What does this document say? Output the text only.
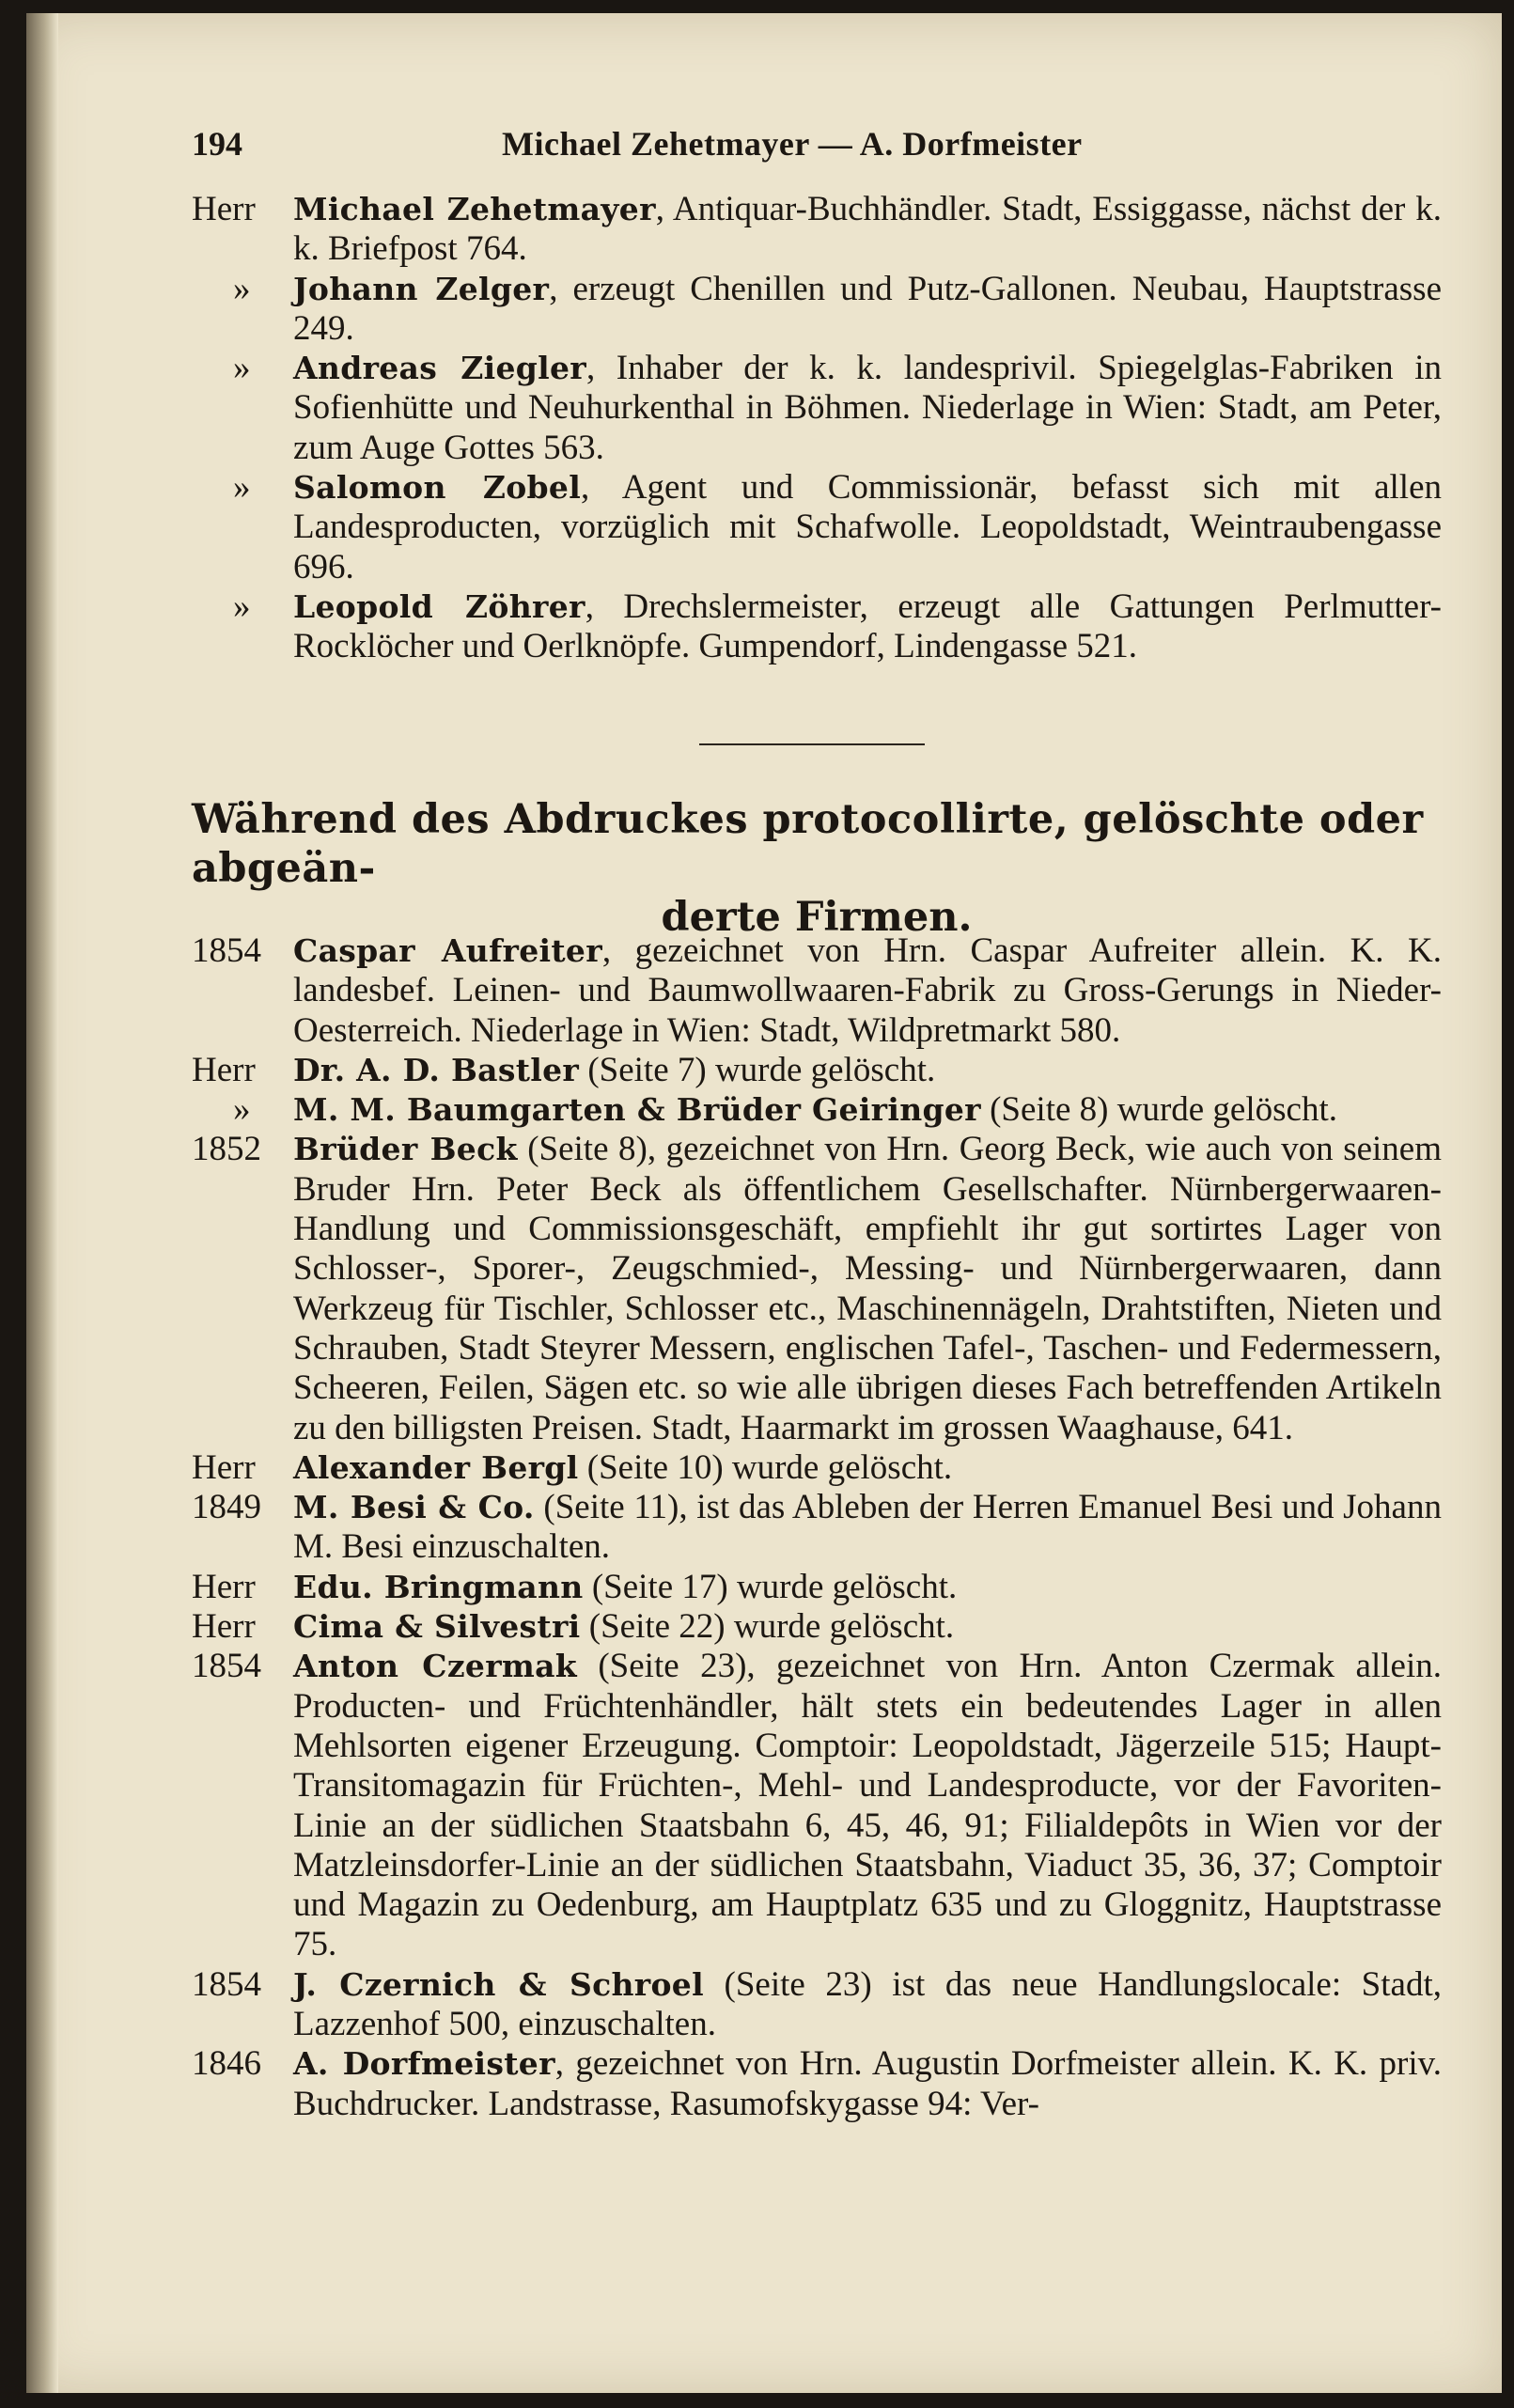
194	Michael Zehetmayer — A. Dorfmeister
Herr Michael Zehetmayer, Antiquar-Buchhändler. Stadt, Essiggasse, nächst der k. k. Briefpost 764.
» Johann Zelger, erzeugt Chenillen und Putz-Gallonen. Neubau, Hauptstrasse 249.
» Andreas Ziegler, Inhaber der k. k. landesprivil. Spiegelglas-Fabriken in Sofienhütte und Neuhurkenthal in Böhmen. Niederlage in Wien: Stadt, am Peter, zum Auge Gottes 563.
» Salomon Zobel, Agent und Commissionär, befasst sich mit allen Landesproducten, vorzüglich mit Schafwolle. Leopoldstadt, Weintraubengasse 696.
» Leopold Zöhrer, Drechslermeister, erzeugt alle Gattungen Perlmutter-Rocklöcher und Oerlknöpfe. Gumpendorf, Lindengasse 521.
Während des Abdruckes protocollirte, gelöschte oder abgeän-
derte Firmen.
1854 Caspar Aufreiter, gezeichnet von Hrn. Caspar Aufreiter allein. K. K. landesbef. Leinen- und Baumwollwaaren-Fabrik zu Gross-Gerungs in Nieder-Oesterreich. Niederlage in Wien: Stadt, Wildpretmarkt 580.
Herr Dr. A. D. Bastler (Seite 7) wurde gelöscht.
» M. M. Baumgarten & Brüder Geiringer (Seite 8) wurde gelöscht.
1852 Brüder Beck (Seite 8), gezeichnet von Hrn. Georg Beck, wie auch von seinem Bruder Hrn. Peter Beck als öffentlichem Gesellschafter. Nürnbergerwaaren-Handlung und Commissionsgeschäft, empfiehlt ihr gut sortirtes Lager von Schlosser-, Sporer-, Zeugschmied-, Messing- und Nürnbergerwaaren, dann Werkzeug für Tischler, Schlosser etc., Maschinennägeln, Drahtstiften, Nieten und Schrauben, Stadt Steyrer Messern, englischen Tafel-, Taschen- und Federmessern, Scheeren, Feilen, Sägen etc. so wie alle übrigen dieses Fach betreffenden Artikeln zu den billigsten Preisen. Stadt, Haarmarkt im grossen Waaghause, 641.
Herr Alexander Bergl (Seite 10) wurde gelöscht.
1849 M. Besi & Co. (Seite 11), ist das Ableben der Herren Emanuel Besi und Johann M. Besi einzuschalten.
Herr Edu. Bringmann (Seite 17) wurde gelöscht.
Herr Cima & Silvestri (Seite 22) wurde gelöscht.
1854 Anton Czermak (Seite 23), gezeichnet von Hrn. Anton Czermak allein. Producten- und Früchtenhändler, hält stets ein bedeutendes Lager in allen Mehlsorten eigener Erzeugung. Comptoir: Leopoldstadt, Jägerzeile 515; Haupt-Transitomagazin für Früchten-, Mehl- und Landesproducte, vor der Favoriten-Linie an der südlichen Staatsbahn 6, 45, 46, 91; Filialdepôts in Wien vor der Matzleinsdorfer-Linie an der südlichen Staatsbahn, Viaduct 35, 36, 37; Comptoir und Magazin zu Oedenburg, am Hauptplatz 635 und zu Gloggnitz, Hauptstrasse 75.
1854 J. Czernich & Schroel (Seite 23) ist das neue Handlungslocale: Stadt, Lazzenhof 500, einzuschalten.
1846 A. Dorfmeister, gezeichnet von Hrn. Augustin Dorfmeister allein. K. K. priv. Buchdrucker. Landstrasse, Rasumofskygasse 94: Ver-
